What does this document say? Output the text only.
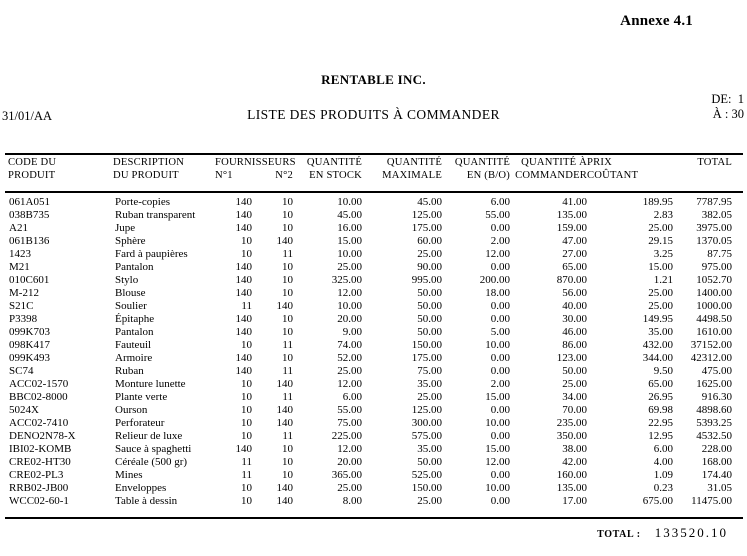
Annexe 4.1
RENTABLE INC.
DE:  1
31/01/AA	LISTE DES PRODUITS À COMMANDER	À : 30
CODE DU	DESCRIPTION	FOURNISSEURS		QUANTITÉ	QUANTITÉ	QUANTITÉ	QUANTITÉ À	PRIX	TOTAL
PRODUIT	DU PRODUIT	N°1	N°2	EN STOCK	MAXIMALE	EN (B/O)	COMMANDER	COÛTANT	
061A051	Porte-copies	140	10	10.00	45.00	6.00	41.00	189.95	7787.95
038B735	Ruban transparent	140	10	45.00	125.00	55.00	135.00	2.83	382.05
A21	Jupe	140	10	16.00	175.00	0.00	159.00	25.00	3975.00
061B136	Sphère	10	140	15.00	60.00	2.00	47.00	29.15	1370.05
1423	Fard à paupières	10	11	10.00	25.00	12.00	27.00	3.25	87.75
M21	Pantalon	140	10	25.00	90.00	0.00	65.00	15.00	975.00
010C601	Stylo	140	10	325.00	995.00	200.00	870.00	1.21	1052.70
M-212	Blouse	140	10	12.00	50.00	18.00	56.00	25.00	1400.00
S21C	Soulier	11	140	10.00	50.00	0.00	40.00	25.00	1000.00
P3398	Épitaphe	140	10	20.00	50.00	0.00	30.00	149.95	4498.50
099K703	Pantalon	140	10	9.00	50.00	5.00	46.00	35.00	1610.00
098K417	Fauteuil	10	11	74.00	150.00	10.00	86.00	432.00	37152.00
099K493	Armoire	140	10	52.00	175.00	0.00	123.00	344.00	42312.00
SC74	Ruban	140	11	25.00	75.00	0.00	50.00	9.50	475.00
ACC02-1570	Monture lunette	10	140	12.00	35.00	2.00	25.00	65.00	1625.00
BBC02-8000	Plante verte	10	11	6.00	25.00	15.00	34.00	26.95	916.30
5024X	Ourson	10	140	55.00	125.00	0.00	70.00	69.98	4898.60
ACC02-7410	Perforateur	10	140	75.00	300.00	10.00	235.00	22.95	5393.25
DENO2N78-X	Relieur de luxe	10	11	225.00	575.00	0.00	350.00	12.95	4532.50
IBI02-KOMB	Sauce à spaghetti	140	10	12.00	35.00	15.00	38.00	6.00	228.00
CRE02-HT30	Céréale (500 gr)	11	10	20.00	50.00	12.00	42.00	4.00	168.00
CRE02-PL3	Mines	11	10	365.00	525.00	0.00	160.00	1.09	174.40
RRB02-JB00	Enveloppes	10	140	25.00	150.00	10.00	135.00	0.23	31.05
WCC02-60-1	Table à dessin	10	140	8.00	25.00	0.00	17.00	675.00	11475.00
TOTAL : 133520.10
